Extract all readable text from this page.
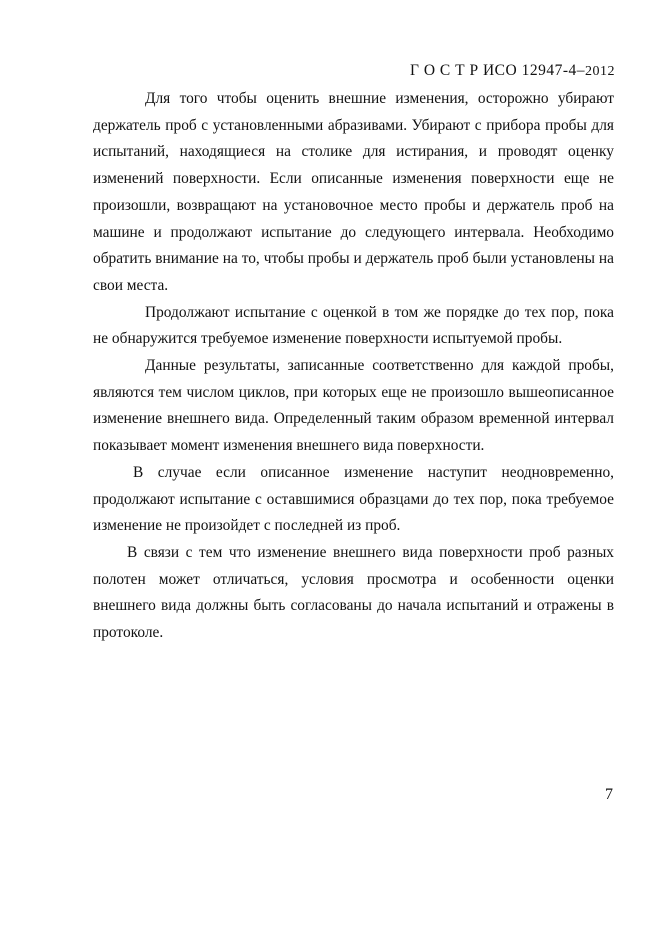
Г О С Т Р ИСО 12947-4–2012

Для того чтобы оценить внешние изменения, осторожно убирают держатель проб с установленными абразивами. Убирают с прибора пробы для испытаний, находящиеся на столике для истирания, и проводят оценку изменений поверхности. Если описанные изменения поверхности еще не произошли, возвращают на установочное место пробы и держатель проб на машине и продолжают испытание до следующего интервала. Необходимо обратить внимание на то, чтобы пробы и держатель проб были установлены на свои места.

Продолжают испытание с оценкой в том же порядке до тех пор, пока не обнаружится требуемое изменение поверхности испытуемой пробы.

Данные результаты, записанные соответственно для каждой пробы, являются тем числом циклов, при которых еще не произошло вышеописанное изменение внешнего вида. Определенный таким образом временной интервал показывает момент изменения внешнего вида поверхности.

В случае если описанное изменение наступит неодновременно, продолжают испытание с оставшимися образцами до тех пор, пока требуемое изменение не произойдет с последней из проб.

В связи с тем что изменение внешнего вида поверхности проб разных полотен может отличаться, условия просмотра и особенности оценки внешнего вида должны быть согласованы до начала испытаний и отражены в протоколе.

7
